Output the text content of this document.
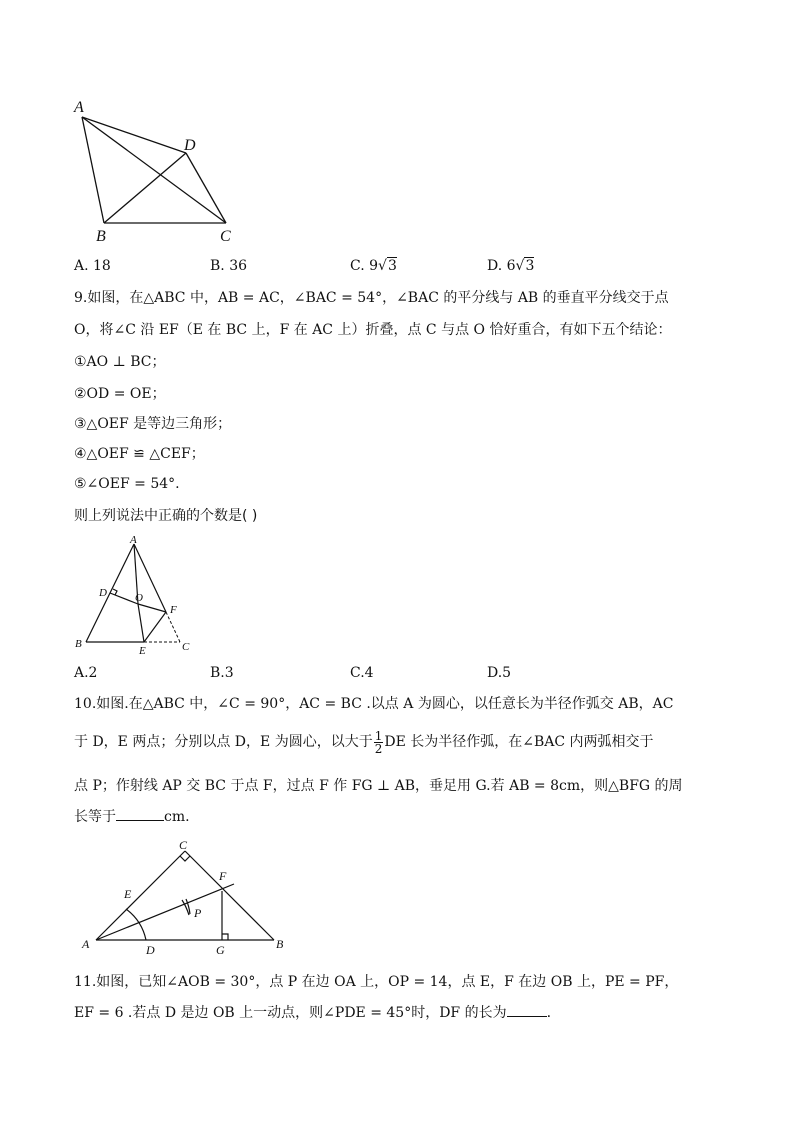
A
D
B	C
A. 18	B. 36	C. 9√3	D. 6√3
9.如图，在△ABC 中，AB = AC，∠BAC = 54°，∠BAC 的平分线与 AB 的垂直平分线交于点
O，将∠C 沿 EF（E 在 BC 上，F 在 AC 上）折叠，点 C 与点 O 恰好重合，有如下五个结论：
①AO ⊥ BC；
②OD = OE；
③△OEF 是等边三角形；
④△OEF ≌ △CEF；
⑤∠OEF = 54°.
则上列说法中正确的个数是( )
A
D	O
F
B
E	C
A.2	B.3	C.4	D.5
10.如图.在△ABC 中，∠C = 90°，AC = BC .以点 A 为圆心，以任意长为半径作弧交 AB，AC
于 D，E 两点；分别以点 D，E 为圆心，以大于 $\frac{1}{2}$ DE 长为半径作弧，在∠BAC 内两弧相交于
点 P；作射线 AP 交 BC 于点 F，过点 F 作 FG ⊥ AB，垂足用 G.若 AB = 8cm，则△BFG 的周
长等于	cm.
C
F
E
P
A	D	G	B
11.如图，已知∠AOB = 30°，点 P 在边 OA 上，OP = 14，点 E，F 在边 OB 上，PE = PF，
EF = 6 .若点 D 是边 OB 上一动点，则∠PDE = 45°时，DF 的长为	.
